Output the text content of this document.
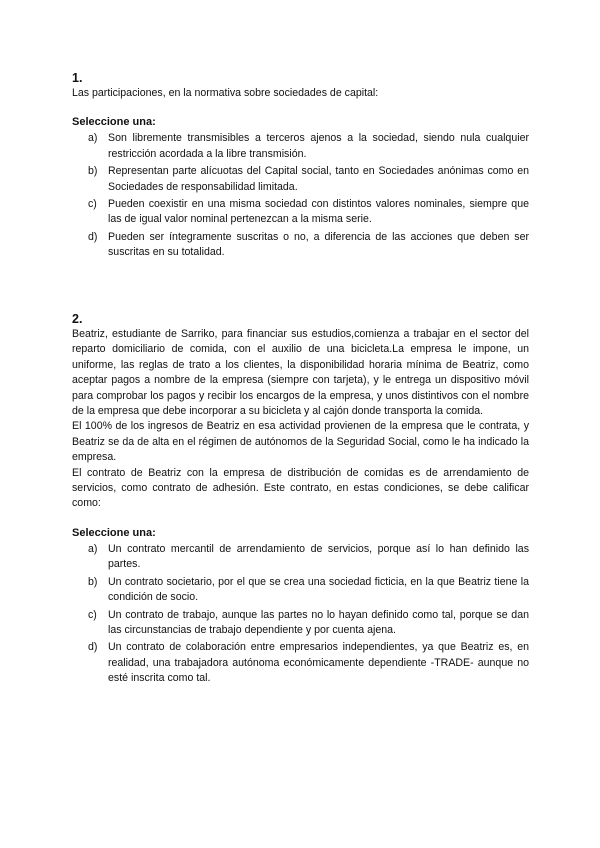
1.

Las participaciones, en la normativa sobre sociedades de capital:

Seleccione una:
a) Son libremente transmisibles a terceros ajenos a la sociedad, siendo nula cualquier restricción acordada a la libre transmisión.
b) Representan parte alícuotas del Capital social, tanto en Sociedades anónimas como en Sociedades de responsabilidad limitada.
c) Pueden coexistir en una misma sociedad con distintos valores nominales, siempre que las de igual valor nominal pertenezcan a la misma serie.
d) Pueden ser íntegramente suscritas o no, a diferencia de las acciones que deben ser suscritas en su totalidad.
2.

Beatriz, estudiante de Sarriko, para financiar sus estudios,comienza a trabajar en el sector del reparto domiciliario de comida, con el auxilio de una bicicleta.La empresa le impone, un uniforme, las reglas de trato a los clientes, la disponibilidad horaria mínima de Beatriz, como aceptar pagos a nombre de la empresa (siempre con tarjeta), y le entrega un dispositivo móvil para comprobar los pagos y recibir los encargos de la empresa, y unos distintivos con el nombre de la empresa que debe incorporar a su bicicleta y al cajón donde transporta la comida.

El 100% de los ingresos de Beatriz en esa actividad provienen de la empresa que le contrata, y Beatriz se da de alta en el régimen de autónomos de la Seguridad Social, como le ha indicado la empresa.

El contrato de Beatriz con la empresa de distribución de comidas es de arrendamiento de servicios, como contrato de adhesión. Este contrato, en estas condiciones, se debe calificar como:

Seleccione una:
a) Un contrato mercantil de arrendamiento de servicios, porque así lo han definido las partes.
b) Un contrato societario, por el que se crea una sociedad ficticia, en la que Beatriz tiene la condición de socio.
c) Un contrato de trabajo, aunque las partes no lo hayan definido como tal, porque se dan las circunstancias de trabajo dependiente y por cuenta ajena.
d) Un contrato de colaboración entre empresarios independientes, ya que Beatriz es, en realidad, una trabajadora autónoma económicamente dependiente -TRADE- aunque no esté inscrita como tal.
